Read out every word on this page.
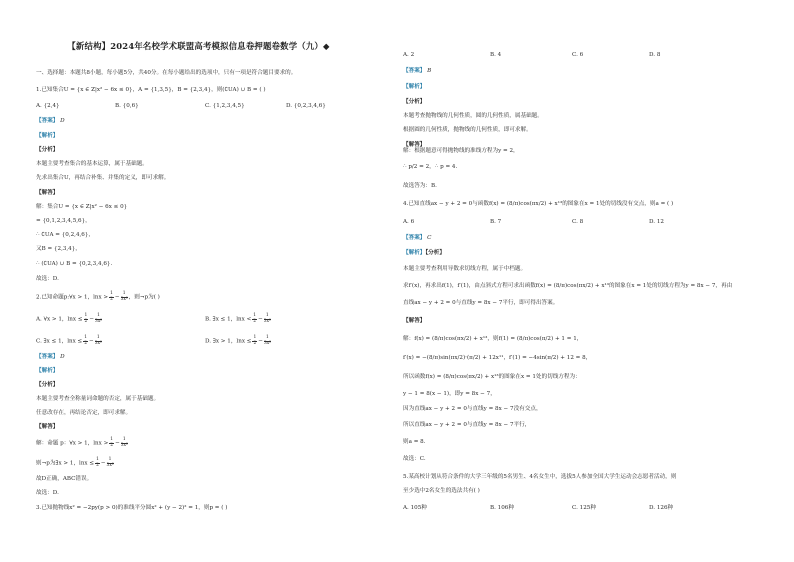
【新结构】2024年名校学术联盟高考模拟信息卷押题卷数学（九）◆
一、选择题：本题共8小题，每小题5分，共40分。在每小题给出的选项中，只有一项是符合题目要求的。
1.已知集合U = {x ∈ Z|x² − 6x ≤ 0}，A = {1,3,5}，B = {2,3,4}，则(∁UA) ∪ B = ( )
A. {2,4}	B. {0,6}	C. {1,2,3,4,5}	D. {0,2,3,4,6}
【答案】 D
【解析】
【分析】
本题主要考查集合的基本运算，属于基础题。
先求出集合U，再结合补集、并集的定义，即可求解。
【解答】
解：集合U = {x ∈ Z|x² − 6x ≤ 0}
= {0,1,2,3,4,5,6}，
∴ ∁UA = {0,2,4,6}，
又B = {2,3,4}，
∴ (∁UA) ∪ B = {0,2,3,4,6}.
故选：D.
2.已知命题p:∀x > 1，$\ln x > \frac{1}{2} - \frac{1}{\text{3x²}}$ ，则¬p为( )
A. ∀x > 1，$\ln x \le \frac{1}{2} - \frac{1}{\text{3x²}}$	B. ∃x ≤ 1，$\ln x < \frac{1}{2} - \frac{1}{\text{3x²}}$
C. ∃x ≤ 1，$\ln x \le \frac{1}{2} - \frac{1}{\text{3x²}}$	D. ∃x > 1，$\ln x \le \frac{1}{2} - \frac{1}{\text{3x²}}$
【答案】 D
【解析】
【分析】
本题主要考查全称量词命题的否定，属于基础题。
任意改存在，再结论否定，即可求解。
【解答】
解：命题 p：∀x > 1，$\ln x > \frac{1}{2} - \frac{1}{\text{3x²}}$
则¬p为∃x > 1，$\ln x \le \frac{1}{2} - \frac{1}{\text{3x²}}$
故D正确，ABC错误。
故选：D.
3.已知抛物线x² = −2py(p > 0)的准线平分圆x² + (y − 2)² = 1，则p = ( )
A. 2	B. 4	C. 6	D. 8
【答案】 B
【解析】
【分析】
本题考查抛物线的几何性质，圆的几何性质，属基础题。
根据圆的几何性质，抛物线的几何性质，即可求解。
【解答】
解：根据题意可得抛物线的准线方程为y = 2，
∴ p/2 = 2，∴ p = 4.
故选答为：B.
4.已知直线ax − y + 2 = 0与函数f(x) = (8/π)cos(πx/2) + x¹³的图象在x = 1处的切线没有交点，则a = ( )
A. 6	B. 7	C. 8	D. 12
【答案】 C
【解析】【分析】
本题主要考查利用导数求切线方程，属于中档题。
求f′(x)，再求出f(1)，f′(1)，由点斜式方程可求出函数f(x) = (8/π)cos(πx/2) + x¹³的图象在x = 1处的切线方程为y = 8x − 7，再由
直线ax − y + 2 = 0与直线y = 8x − 7平行，即可得出答案。
【解答】
解：f(x) = (8/π)cos(πx/2) + x¹³，则f(1) = (8/π)cos(π/2) + 1 = 1，
f′(x) = −(8/π)sin(πx/2)·(π/2) + 12x¹¹，f′(1) = −4sin(π/2) + 12 = 8，
所以函数f(x) = (8/π)cos(πx/2) + x¹³的图象在x = 1处的切线方程为：
y − 1 = 8(x − 1)，即y = 8x − 7，
因为直线ax − y + 2 = 0与直线y = 8x − 7没有交点，
所以直线ax − y + 2 = 0与直线y = 8x − 7平行，
则a = 8.
故选：C.
5.某高校计划从符合条件的大学三年级的5名男生、4名女生中，选拔5人参加全国大学生运动会志愿者活动，则
至少选中2名女生的选法共有( )
A. 105种	B. 106种	C. 125种	D. 126种
